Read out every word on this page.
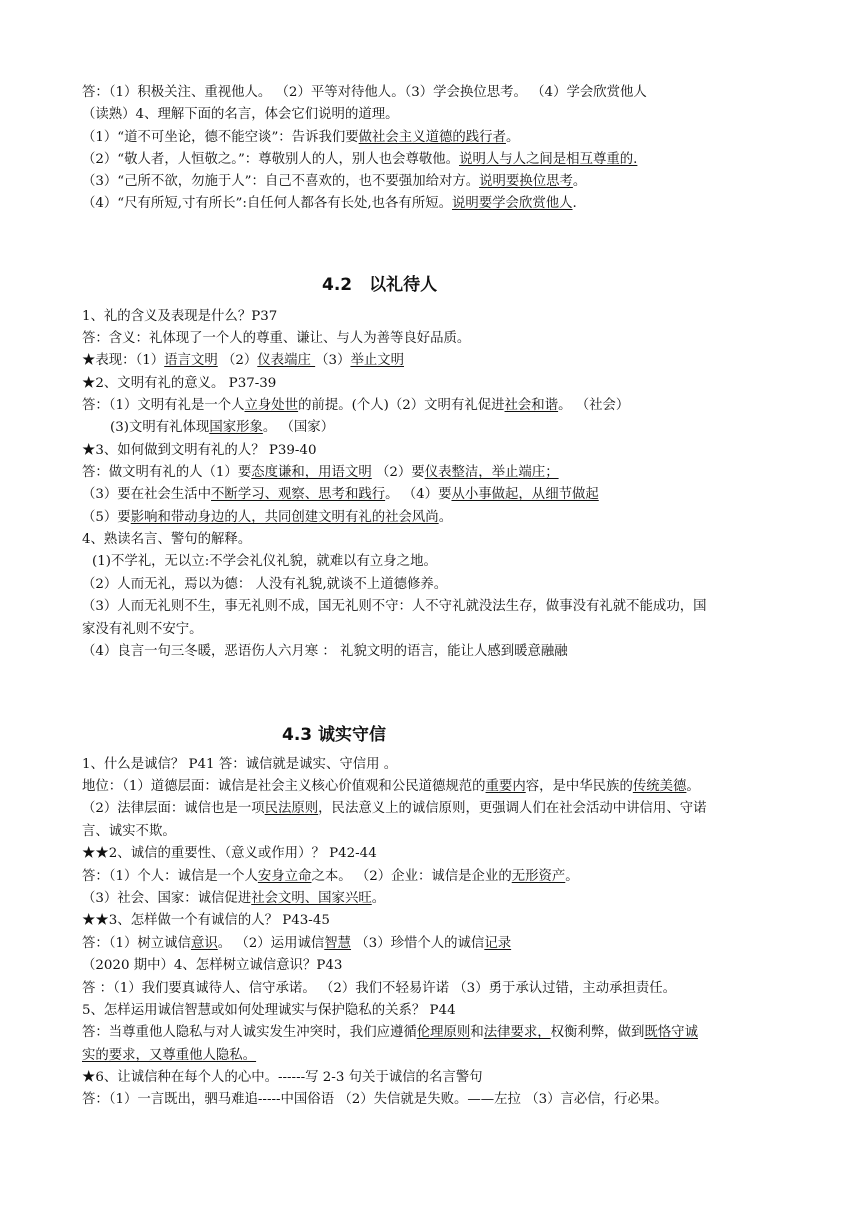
4.2　以礼待人
4.3 诚实守信
答：（1）积极关注、重视他人。 （2）平等对待他人。（3）学会换位思考。 （4）学会欣赏他人
（读熟）4、理解下面的名言，体会它们说明的道理。
（1）“道不可坐论，德不能空谈”：告诉我们要做社会主义道德的践行者。
（2）“敬人者，人恒敬之。”：尊敬别人的人，别人也会尊敬他。说明人与人之间是相互尊重的.
（3）“己所不欲，勿施于人”：自己不喜欢的，也不要强加给对方。说明要换位思考。
（4）“尺有所短,寸有所长”:自任何人都各有长处,也各有所短。说明要学会欣赏他人.
1、礼的含义及表现是什么？P37
答：含义：礼体现了一个人的尊重、谦让、与人为善等良好品质。
★表现：（1）语言文明 （2）仪表端庄 （3）举止文明
★2、文明有礼的意义。 P37-39
答：（1）文明有礼是一个人立身处世的前提。(个人)（2）文明有礼促进社会和谐。 （社会）
(3)文明有礼体现国家形象。 （国家）
★3、如何做到文明有礼的人？ P39-40
答：做文明有礼的人（1）要态度谦和，用语文明 （2）要仪表整洁，举止端庄；
（3）要在社会生活中不断学习、观察、思考和践行。 （4）要从小事做起，从细节做起
（5）要影响和带动身边的人，共同创建文明有礼的社会风尚。
4、熟读名言、警句的解释。
(1)不学礼，无以立:不学会礼仪礼貌，就难以有立身之地。
（2）人而无礼，焉以为德： 人没有礼貌,就谈不上道德修养。
（3）人而无礼则不生，事无礼则不成，国无礼则不守：人不守礼就没法生存，做事没有礼就不能成功，国
家没有礼则不安宁。
（4）良言一句三冬暖，恶语伤人六月寒 ： 礼貌文明的语言，能让人感到暖意融融
1、什么是诚信？ P41 答：诚信就是诚实、守信用 。
地位：（1）道德层面：诚信是社会主义核心价值观和公民道德规范的重要内容，是中华民族的传统美德。
（2）法律层面：诚信也是一项民法原则，民法意义上的诚信原则，更强调人们在社会活动中讲信用、守诺
言、诚实不欺。
★★2、诚信的重要性、（意义或作用）？ P42-44
答：（1）个人：诚信是一个人安身立命之本。 （2）企业：诚信是企业的无形资产。
（3）社会、国家：诚信促进社会文明、国家兴旺。
★★3、怎样做一个有诚信的人？ P43-45
答：（1）树立诚信意识。 （2）运用诚信智慧 （3）珍惜个人的诚信记录
（2020 期中）4、怎样树立诚信意识？P43
答 ：（1）我们要真诚待人、信守承诺。 （2）我们不轻易许诺 （3）勇于承认过错，主动承担责任。
5、怎样运用诚信智慧或如何处理诚实与保护隐私的关系？ P44
答：当尊重他人隐私与对人诚实发生冲突时，我们应遵循伦理原则和法律要求，权衡利弊，做到既恪守诚
实的要求，又尊重他人隐私。
★6、让诚信种在每个人的心中。------写 2-3 句关于诚信的名言警句
答：（1）一言既出，驷马难追-----中国俗语 （2）失信就是失败。——左拉 （3）言必信，行必果。
